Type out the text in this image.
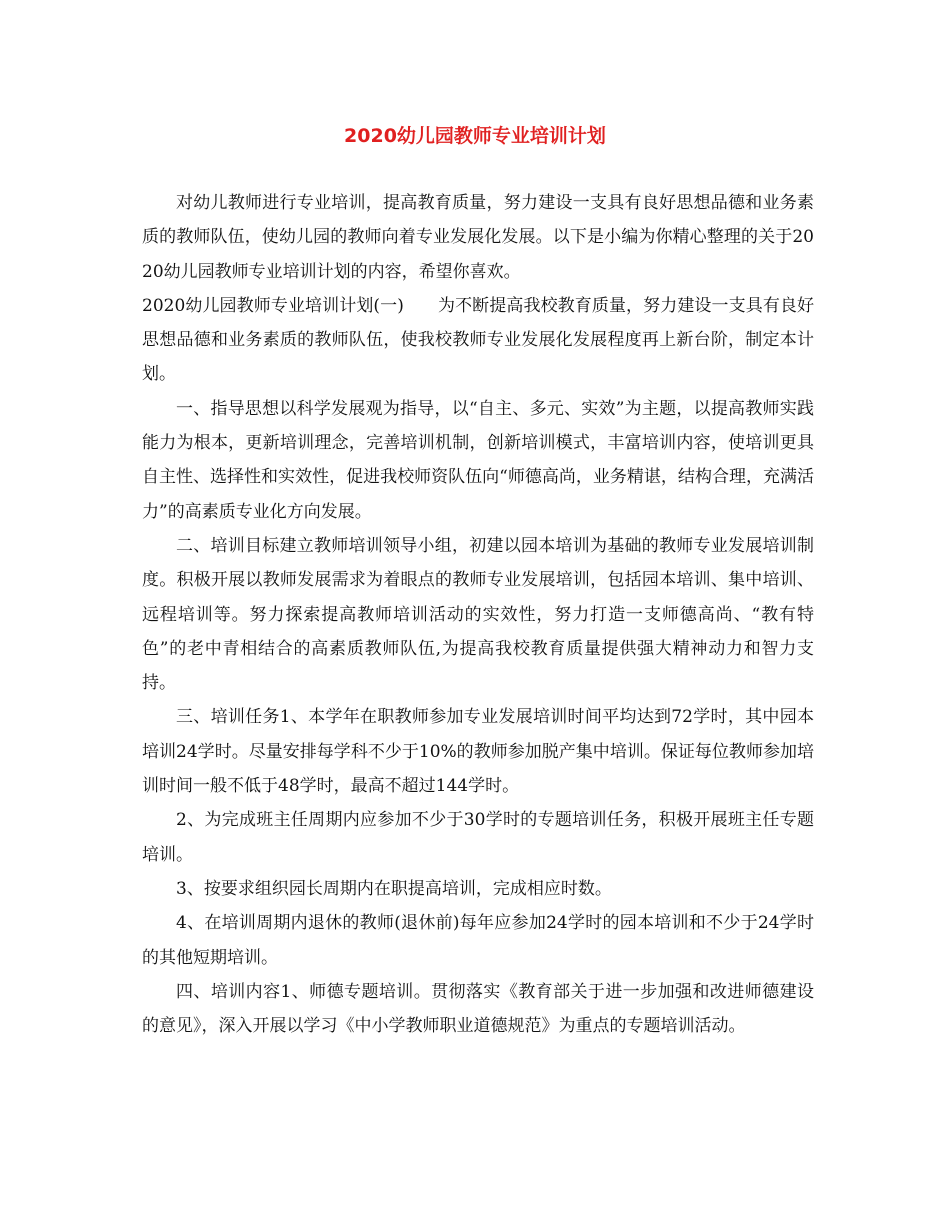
2020幼儿园教师专业培训计划

对幼儿教师进行专业培训，提高教育质量，努力建设一支具有良好思想品德和业务素质的教师队伍，使幼儿园的教师向着专业发展化发展。以下是小编为你精心整理的关于2020幼儿园教师专业培训计划的内容，希望你喜欢。

2020幼儿园教师专业培训计划(一) 为不断提高我校教育质量，努力建设一支具有良好思想品德和业务素质的教师队伍，使我校教师专业发展化发展程度再上新台阶，制定本计划。

一、指导思想以科学发展观为指导，以“自主、多元、实效”为主题，以提高教师实践能力为根本，更新培训理念，完善培训机制，创新培训模式，丰富培训内容，使培训更具自主性、选择性和实效性，促进我校师资队伍向“师德高尚，业务精谌，结构合理，充满活力”的高素质专业化方向发展。

二、培训目标建立教师培训领导小组，初建以园本培训为基础的教师专业发展培训制度。积极开展以教师发展需求为着眼点的教师专业发展培训，包括园本培训、集中培训、远程培训等。努力探索提高教师培训活动的实效性，努力打造一支师德高尚、“教有特色”的老中青相结合的高素质教师队伍,为提高我校教育质量提供强大精神动力和智力支持。

三、培训任务1、本学年在职教师参加专业发展培训时间平均达到72学时，其中园本培训24学时。尽量安排每学科不少于10%的教师参加脱产集中培训。保证每位教师参加培训时间一般不低于48学时，最高不超过144学时。

2、为完成班主任周期内应参加不少于30学时的专题培训任务，积极开展班主任专题培训。

3、按要求组织园长周期内在职提高培训，完成相应时数。

4、在培训周期内退休的教师(退休前)每年应参加24学时的园本培训和不少于24学时的其他短期培训。

四、培训内容1、师德专题培训。贯彻落实《教育部关于进一步加强和改进师德建设的意见》，深入开展以学习《中小学教师职业道德规范》为重点的专题培训活动。
